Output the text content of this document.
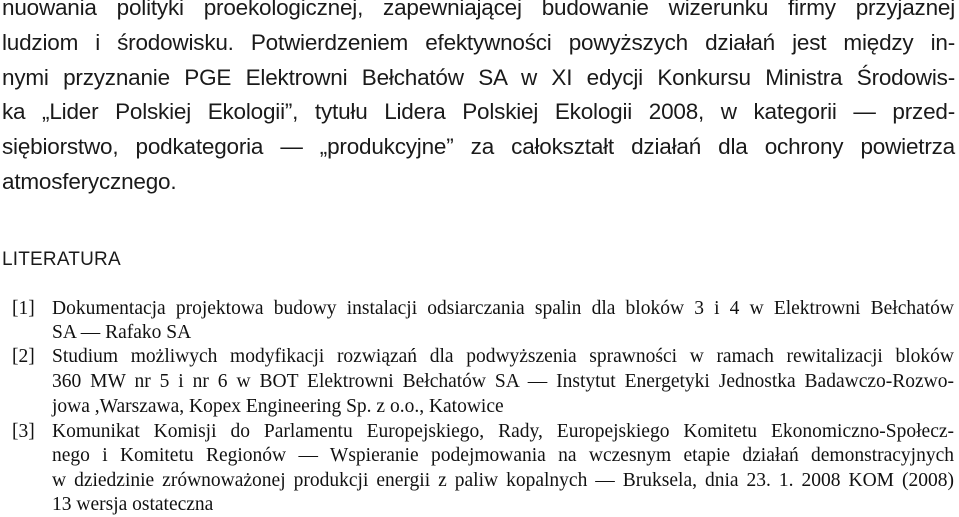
nuowania polityki proekologicznej, zapewniającej budowanie wizerunku firmy przyjaznej
ludziom i środowisku. Potwierdzeniem efektywności powyższych działań jest między in-
nymi przyznanie PGE Elektrowni Bełchatów SA w XI edycji Konkursu Ministra Środowis-
ka „Lider Polskiej Ekologii”, tytułu Lidera Polskiej Ekologii 2008, w kategorii — przed-
siębiorstwo, podkategoria — „produkcyjne” za całokształt działań dla ochrony powietrza
atmosferycznego.
LITERATURA
[1] Dokumentacja projektowa budowy instalacji odsiarczania spalin dla bloków 3 i 4 w Elektrowni Bełchatów
SA — Rafako SA
[2] Studium możliwych modyfikacji rozwiązań dla podwyższenia sprawności w ramach rewitalizacji bloków
360 MW nr 5 i nr 6 w BOT Elektrowni Bełchatów SA — Instytut Energetyki Jednostka Badawczo-Rozwo-
jowa ,Warszawa, Kopex Engineering Sp. z o.o., Katowice
[3] Komunikat Komisji do Parlamentu Europejskiego, Rady, Europejskiego Komitetu Ekonomiczno-Społecz-
nego i Komitetu Regionów — Wspieranie podejmowania na wczesnym etapie działań demonstracyjnych
w dziedzinie zrównoważonej produkcji energii z paliw kopalnych — Bruksela, dnia 23. 1. 2008 KOM (2008)
13 wersja ostateczna
